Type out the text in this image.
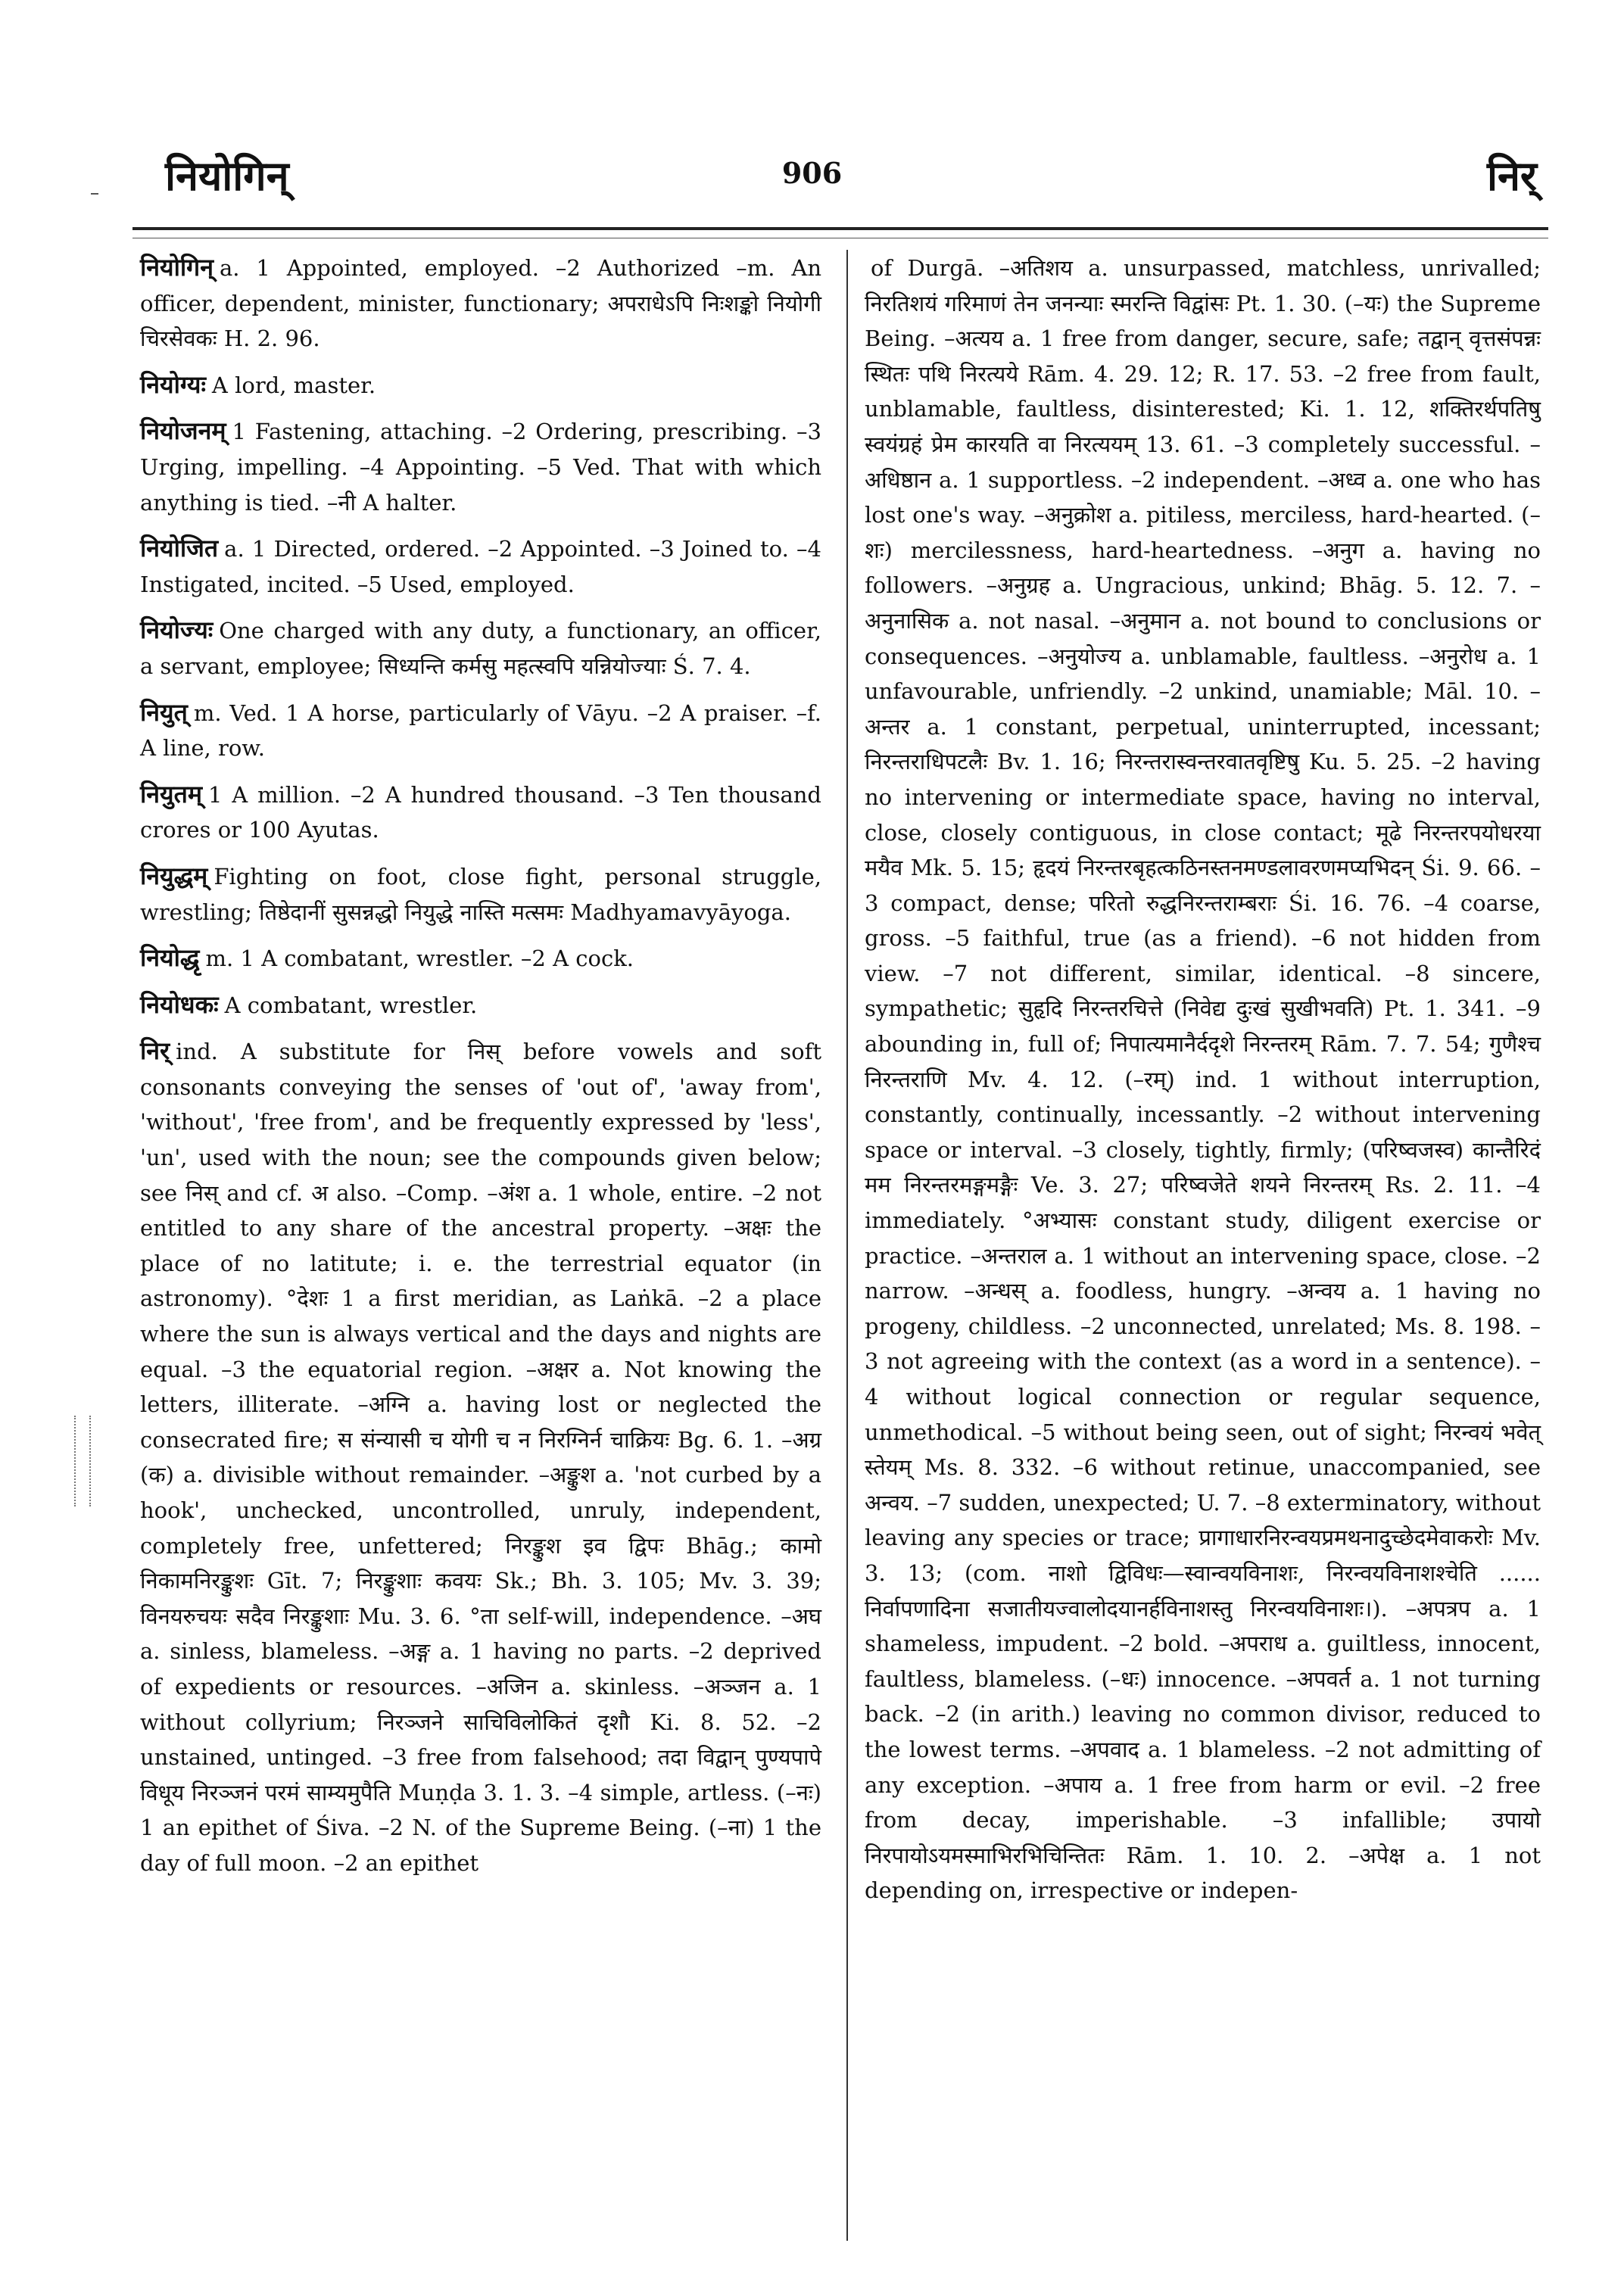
नियोगिन्	906	निर्

नियोगिन् a. 1 Appointed, employed. –2 Authorized –m. An officer, dependent, minister, functionary; अपराधेऽपि निःशङ्को नियोगी चिरसेवकः H. 2. 96.

नियोग्यः A lord, master.

नियोजनम् 1 Fastening, attaching. –2 Ordering, prescribing. –3 Urging, impelling. –4 Appointing. –5 Ved. That with which anything is tied. –नी A halter.

नियोजित a. 1 Directed, ordered. –2 Appointed. –3 Joined to. –4 Instigated, incited. –5 Used, employed.

नियोज्यः One charged with any duty, a functionary, an officer, a servant, employee; सिध्यन्ति कर्मसु महत्स्वपि यन्नियोज्याः Ś. 7. 4.

नियुत् m. Ved. 1 A horse, particularly of Vāyu. –2 A praiser. –f. A line, row.

नियुतम् 1 A million. –2 A hundred thousand. –3 Ten thousand crores or 100 Ayutas.

नियुद्धम् Fighting on foot, close fight, personal struggle, wrestling; तिष्ठेदानीं सुसन्नद्धो नियुद्धे नास्ति मत्समः Madhyamavyāyoga.

नियोद्धृ m. 1 A combatant, wrestler. –2 A cock.

नियोधकः A combatant, wrestler.

निर् ind. A substitute for निस् before vowels and soft consonants conveying the senses of 'out of', 'away from', 'without', 'free from', and be frequently expressed by 'less', 'un', used with the noun; see the compounds given below; see निस् and cf. अ also. –Comp. –अंश a. 1 whole, entire. –2 not entitled to any share of the ancestral property. –अक्षः the place of no latitute; i. e. the terrestrial equator (in astronomy). °देशः 1 a first meridian, as Laṅkā. –2 a place where the sun is always vertical and the days and nights are equal. –3 the equatorial region. –अक्षर a. Not knowing the letters, illiterate. –अग्नि a. having lost or neglected the consecrated fire; स संन्यासी च योगी च न निरग्निर्न चाक्रियः Bg. 6. 1. –अग्र (क) a. divisible without remainder. –अङ्कुश a. 'not curbed by a hook', unchecked, uncontrolled, unruly, independent, completely free, unfettered; निरङ्कुश इव द्विपः Bhāg.; कामो निकामनिरङ्कुशः Gīt. 7; निरङ्कुशाः कवयः Sk.; Bh. 3. 105; Mv. 3. 39; विनयरुचयः सदैव निरङ्कुशाः Mu. 3. 6. °ता self-will, independence. –अघ a. sinless, blameless. –अङ्ग a. 1 having no parts. –2 deprived of expedients or resources. –अजिन a. skinless. –अञ्जन a. 1 without collyrium; निरञ्जने साचिविलोकितं दृशौ Ki. 8. 52. –2 unstained, untinged. –3 free from falsehood; तदा विद्वान् पुण्यपापे विधूय निरञ्जनं परमं साम्यमुपैति Muṇḍa 3. 1. 3. –4 simple, artless. (–नः) 1 an epithet of Śiva. –2 N. of the Supreme Being. (–ना) 1 the day of full moon. –2 an epithet

of Durgā. –अतिशय a. unsurpassed, matchless, unrivalled; निरतिशयं गरिमाणं तेन जनन्याः स्मरन्ति विद्वांसः Pt. 1. 30. (–यः) the Supreme Being. –अत्यय a. 1 free from danger, secure, safe; तद्वान् वृत्तसंपन्नः स्थितः पथि निरत्यये Rām. 4. 29. 12; R. 17. 53. –2 free from fault, unblamable, faultless, disinterested; Ki. 1. 12, शक्तिरर्थपतिषु स्वयंग्रहं प्रेम कारयति वा निरत्ययम् 13. 61. –3 completely successful. –अधिष्ठान a. 1 supportless. –2 independent. –अध्व a. one who has lost one's way. –अनुक्रोश a. pitiless, merciless, hard-hearted. (–शः) mercilessness, hard-heartedness. –अनुग a. having no followers. –अनुग्रह a. Ungracious, unkind; Bhāg. 5. 12. 7. –अनुनासिक a. not nasal. –अनुमान a. not bound to conclusions or consequences. –अनुयोज्य a. unblamable, faultless. –अनुरोध a. 1 unfavourable, unfriendly. –2 unkind, unamiable; Māl. 10. –अन्तर a. 1 constant, perpetual, uninterrupted, incessant; निरन्तराधिपटलैः Bv. 1. 16; निरन्तरास्वन्तरवातवृष्टिषु Ku. 5. 25. –2 having no intervening or intermediate space, having no interval, close, closely contiguous, in close contact; मूढे निरन्तरपयोधरया मयैव Mk. 5. 15; हृदयं निरन्तरबृहत्कठिनस्तनमण्डलावरणमप्यभिदन् Śi. 9. 66. –3 compact, dense; परितो रुद्धनिरन्तराम्बराः Śi. 16. 76. –4 coarse, gross. –5 faithful, true (as a friend). –6 not hidden from view. –7 not different, similar, identical. –8 sincere, sympathetic; सुहृदि निरन्तरचित्ते (निवेद्य दुःखं सुखीभवति) Pt. 1. 341. –9 abounding in, full of; निपात्यमानैर्ददृशे निरन्तरम् Rām. 7. 7. 54; गुणैश्च निरन्तराणि Mv. 4. 12. (–रम्) ind. 1 without interruption, constantly, continually, incessantly. –2 without intervening space or interval. –3 closely, tightly, firmly; (परिष्वजस्व) कान्तैरिदं मम निरन्तरमङ्गमङ्गैः Ve. 3. 27; परिष्वजेते शयने निरन्तरम् Rs. 2. 11. –4 immediately. °अभ्यासः constant study, diligent exercise or practice. –अन्तराल a. 1 without an intervening space, close. –2 narrow. –अन्धस् a. foodless, hungry. –अन्वय a. 1 having no progeny, childless. –2 unconnected, unrelated; Ms. 8. 198. –3 not agreeing with the context (as a word in a sentence). –4 without logical connection or regular sequence, unmethodical. –5 without being seen, out of sight; निरन्वयं भवेत् स्तेयम् Ms. 8. 332. –6 without retinue, unaccompanied, see अन्वय. –7 sudden, unexpected; U. 7. –8 exterminatory, without leaving any species or trace; प्रागाधारनिरन्वयप्रमथनादुच्छेदमेवाकरोः Mv. 3. 13; (com. नाशो द्विविधः—स्वान्वयविनाशः, निरन्वयविनाशश्चेति ...... निर्वापणादिना सजातीयज्वालोदयानर्हविनाशस्तु निरन्वयविनाशः।). –अपत्रप a. 1 shameless, impudent. –2 bold. –अपराध a. guiltless, innocent, faultless, blameless. (–धः) innocence. –अपवर्त a. 1 not turning back. –2 (in arith.) leaving no common divisor, reduced to the lowest terms. –अपवाद a. 1 blameless. –2 not admitting of any exception. –अपाय a. 1 free from harm or evil. –2 free from decay, imperishable. –3 infallible; उपायो निरपायोऽयमस्माभिरभिचिन्तितः Rām. 1. 10. 2. –अपेक्ष a. 1 not depending on, irrespective or indepen-
